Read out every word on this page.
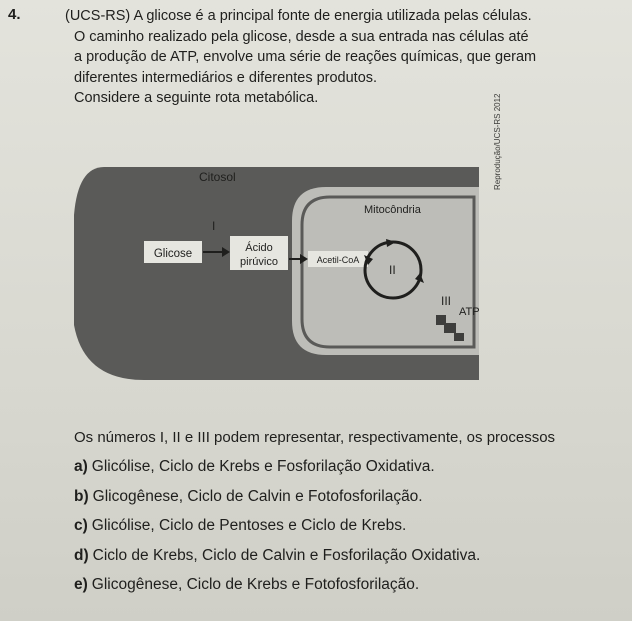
4.	(UCS-RS) A glicose é a principal fonte de energia utilizada pelas células.

O caminho realizado pela glicose, desde a sua entrada nas células até

a produção de ATP, envolve uma série de reações químicas, que geram

diferentes intermediários e diferentes produtos.

Considere a seguinte rota metabólica.

Citosol
Mitocôndria
Glicose
I
Ácido
pirúvico	Acetil-CoA
II
III
ATP
Reprodução/UCS-RS 2012
Os números I, II e III podem representar, respectivamente, os processos
a) Glicólise, Ciclo de Krebs e Fosforilação Oxidativa.
b) Glicogênese, Ciclo de Calvin e Fotofosforilação.
c) Glicólise, Ciclo de Pentoses e Ciclo de Krebs.
d) Ciclo de Krebs, Ciclo de Calvin e Fosforilação Oxidativa.
e) Glicogênese, Ciclo de Krebs e Fotofosforilação.
